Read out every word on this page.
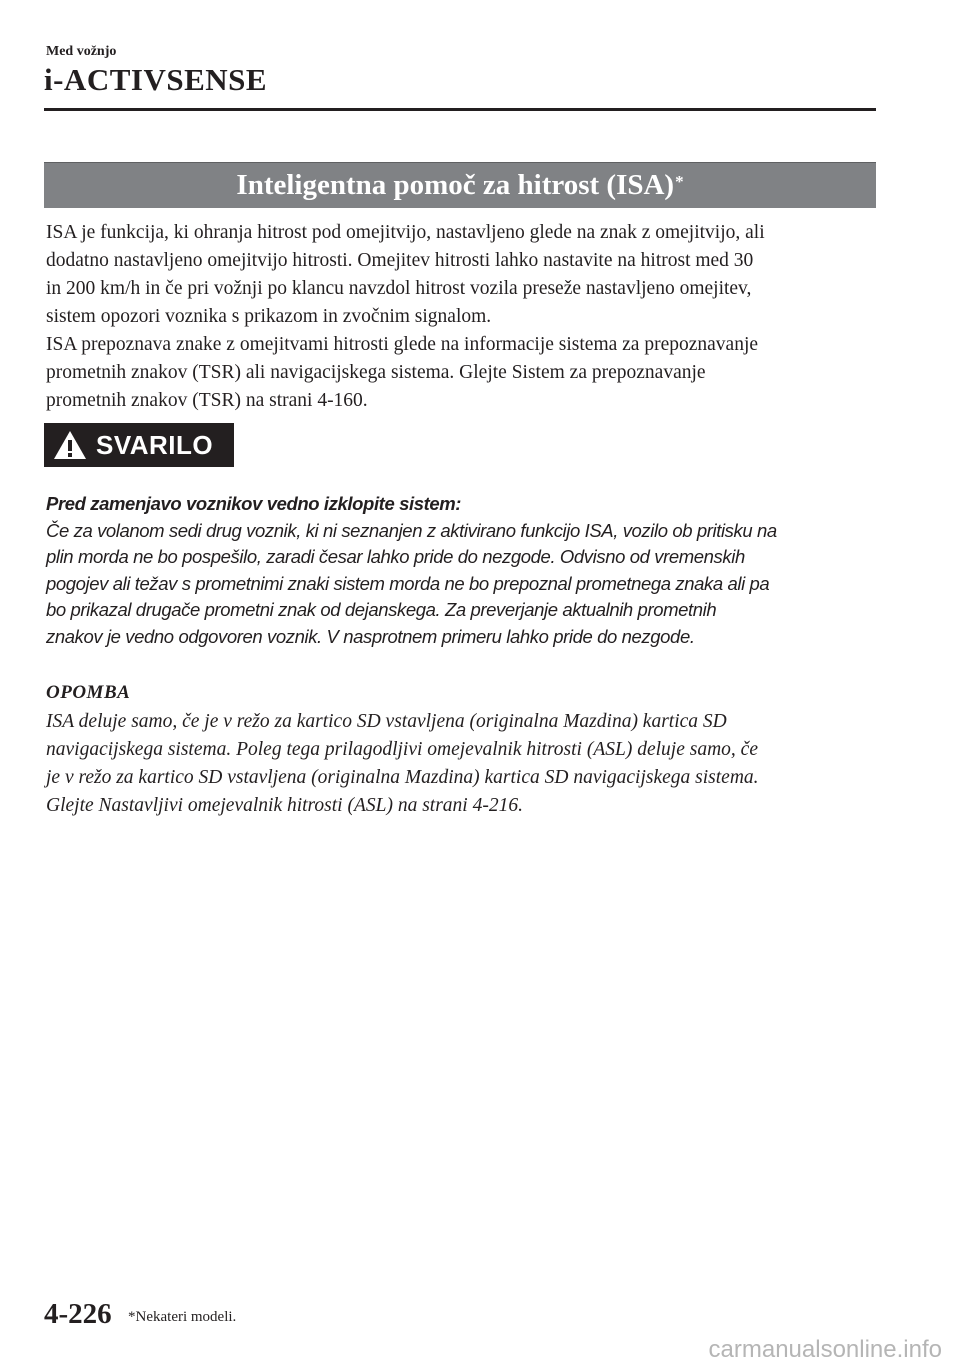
Med vožnjo
i-ACTIVSENSE
Inteligentna pomoč za hitrost (ISA)*
ISA je funkcija, ki ohranja hitrost pod omejitvijo, nastavljeno glede na znak z omejitvijo, ali
dodatno nastavljeno omejitvijo hitrosti. Omejitev hitrosti lahko nastavite na hitrost med 30
in 200 km/h in če pri vožnji po klancu navzdol hitrost vozila preseže nastavljeno omejitev,
sistem opozori voznika s prikazom in zvočnim signalom.
ISA prepoznava znake z omejitvami hitrosti glede na informacije sistema za prepoznavanje
prometnih znakov (TSR) ali navigacijskega sistema. Glejte Sistem za prepoznavanje
prometnih znakov (TSR) na strani 4-160.
SVARILO
Pred zamenjavo voznikov vedno izklopite sistem:
Če za volanom sedi drug voznik, ki ni seznanjen z aktivirano funkcijo ISA, vozilo ob pritisku na
plin morda ne bo pospešilo, zaradi česar lahko pride do nezgode. Odvisno od vremenskih
pogojev ali težav s prometnimi znaki sistem morda ne bo prepoznal prometnega znaka ali pa
bo prikazal drugače prometni znak od dejanskega. Za preverjanje aktualnih prometnih
znakov je vedno odgovoren voznik. V nasprotnem primeru lahko pride do nezgode.
OPOMBA
ISA deluje samo, če je v režo za kartico SD vstavljena (originalna Mazdina) kartica SD
navigacijskega sistema. Poleg tega prilagodljivi omejevalnik hitrosti (ASL) deluje samo, če
je v režo za kartico SD vstavljena (originalna Mazdina) kartica SD navigacijskega sistema.
Glejte Nastavljivi omejevalnik hitrosti (ASL) na strani 4-216.
4-226 *Nekateri modeli.
carmanualsonline.info
